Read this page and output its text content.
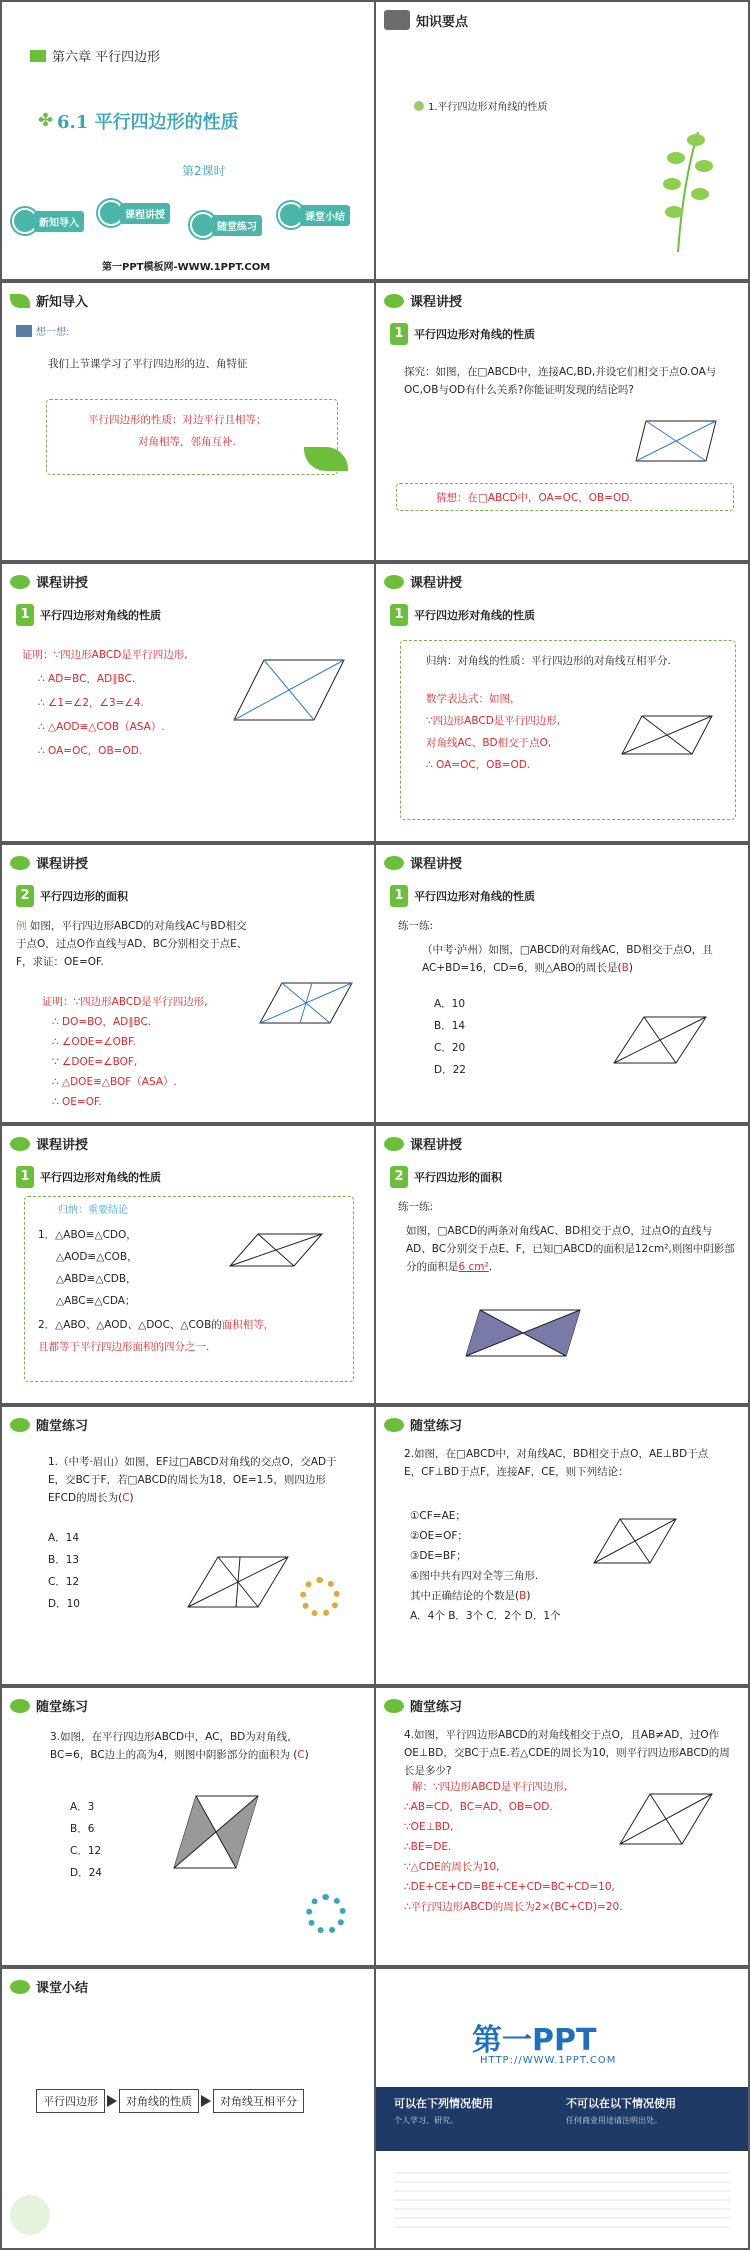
第六章 平行四边形
6.1 平行四边形的性质
✤
第2课时
新知导入
课程讲授
随堂练习
课堂小结
第一PPT模板网-WWW.1PPT.COM
知识要点
1.平行四边形对角线的性质
新知导入
想一想:
我们上节课学习了平行四边形的边、角特征
平行四边形的性质：对边平行且相等；
对角相等，邻角互补.
课程讲授
1 平行四边形对角线的性质
探究：如图，在□ABCD中，连接AC,BD,并设它们相交于点O.OA与OC,OB与OD有什么关系?你能证明发现的结论吗?
猜想：在□ABCD中，OA=OC，OB=OD.
课程讲授
1 平行四边形对角线的性质
证明：∵四边形ABCD是平行四边形,
∴ AD=BC，AD∥BC.
∴ ∠1=∠2，∠3=∠4.
∴ △AOD≌△COB（ASA）.
∴ OA=OC，OB=OD.
课程讲授
1 平行四边形对角线的性质
归纳：对角线的性质：平行四边形的对角线互相平分.
数学表达式：如图，
∵四边形ABCD是平行四边形,
对角线AC、BD相交于点O,
∴ OA=OC，OB=OD.
课程讲授
2 平行四边形的面积
例 如图，平行四边形ABCD的对角线AC与BD相交于点O，过点O作直线与AD、BC分别相交于点E、F，求证：OE=OF.
证明：∵四边形ABCD是平行四边形,
∴ DO=BO，AD∥BC.
∴ ∠ODE=∠OBF.
∵ ∠DOE=∠BOF,
∴ △DOE≌△BOF（ASA）.
∴ OE=OF.
课程讲授
1 平行四边形对角线的性质
练一练:
（中考·泸州）如图，□ABCD的对角线AC，BD相交于点O，且AC+BD=16，CD=6，则△ABO的周长是(B)
A．10
B．14
C．20
D．22
课程讲授
1 平行四边形对角线的性质
归纳：重要结论
1．△ABO≌△CDO，
△AOD≌△COB，
△ABD≌△CDB，
△ABC≌△CDA；
2．△ABO、△AOD、△DOC、△COB的面积相等，
且都等于平行四边形面积的四分之一.
课程讲授
2 平行四边形的面积
练一练:
如图，□ABCD的两条对角线AC、BD相交于点O，过点O的直线与AD、BC分别交于点E、F，已知□ABCD的面积是12cm²,则图中阴影部分的面积是6 cm².
随堂练习
1.（中考·眉山）如图，EF过□ABCD对角线的交点O，交AD于E，交BC于F，若□ABCD的周长为18，OE=1.5，则四边形EFCD的周长为(C)
A．14
B．13
C．12
D．10
随堂练习
2.如图，在□ABCD中，对角线AC，BD相交于点O，AE⊥BD于点E，CF⊥BD于点F，连接AF，CE，则下列结论：
①CF=AE；
②OE=OF；
③DE=BF；
④图中共有四对全等三角形.
其中正确结论的个数是(B)
A．4个 B．3个 C．2个 D．1个
随堂练习
3.如图，在平行四边形ABCD中，AC，BD为对角线，BC=6，BC边上的高为4，则图中阴影部分的面积为 (C)
A．3
B．6
C．12
D．24
随堂练习
4.如图，平行四边形ABCD的对角线相交于点O，且AB≠AD，过O作OE⊥BD，交BC于点E.若△CDE的周长为10，则平行四边形ABCD的周长是多少?
解：∵四边形ABCD是平行四边形,
∴AB=CD，BC=AD，OB=OD.
∵OE⊥BD,
∴BE=DE.
∵△CDE的周长为10,
∴DE+CE+CD=BE+CE+CD=BC+CD=10,
∴平行四边形ABCD的周长为2×(BC+CD)=20.
课堂小结
平行四边形	对角线的性质	对角线互相平分
第一PPT
HTTP://WWW.1PPT.COM
可以在下列情况使用	不可以在以下情况使用
个人学习、研究。	任何商业用途请注明出处。
